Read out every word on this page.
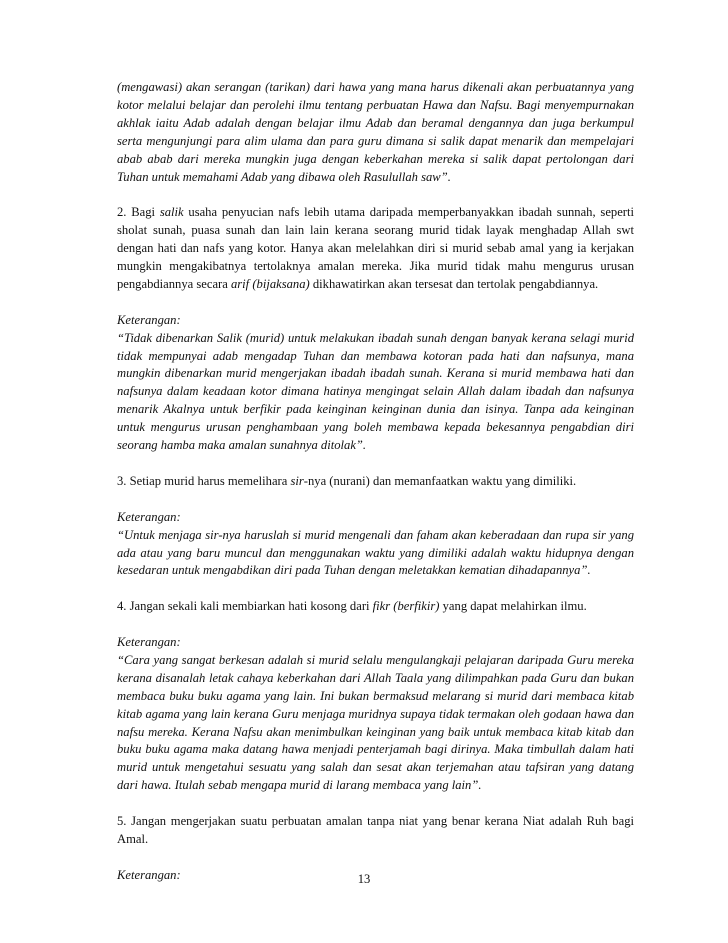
(mengawasi) akan serangan (tarikan) dari hawa yang mana harus dikenali akan perbuatannya yang kotor melalui belajar dan perolehi ilmu tentang perbuatan Hawa dan Nafsu. Bagi menyempurnakan akhlak iaitu Adab adalah dengan belajar ilmu Adab dan beramal dengannya dan juga berkumpul serta mengunjungi para alim ulama dan para guru dimana si salik dapat menarik dan mempelajari abab abab dari mereka mungkin juga dengan keberkahan mereka si salik dapat pertolongan dari Tuhan untuk memahami Adab yang dibawa oleh Rasulullah saw”.

2. Bagi salik usaha penyucian nafs lebih utama daripada memperbanyakkan ibadah sunnah, seperti sholat sunah, puasa sunah dan lain lain kerana seorang murid tidak layak menghadap Allah swt dengan hati dan nafs yang kotor. Hanya akan melelahkan diri si murid sebab amal yang ia kerjakan mungkin mengakibatnya tertolaknya amalan mereka. Jika murid tidak mahu mengurus urusan pengabdiannya secara arif (bijaksana) dikhawatirkan akan tersesat dan tertolak pengabdiannya.

Keterangan:

“Tidak dibenarkan Salik (murid) untuk melakukan ibadah sunah dengan banyak kerana selagi murid tidak mempunyai adab mengadap Tuhan dan membawa kotoran pada hati dan nafsunya, mana mungkin dibenarkan murid mengerjakan ibadah ibadah sunah. Kerana si murid membawa hati dan nafsunya dalam keadaan kotor dimana hatinya mengingat selain Allah dalam ibadah dan nafsunya menarik Akalnya untuk berfikir pada keinginan keinginan dunia dan isinya. Tanpa ada keinginan untuk mengurus urusan penghambaan yang boleh membawa kepada bekesannya pengabdian diri seorang hamba maka amalan sunahnya ditolak”.

3. Setiap murid harus memelihara sir-nya (nurani) dan memanfaatkan waktu yang dimiliki.

Keterangan:

“Untuk menjaga sir-nya haruslah si murid mengenali dan faham akan keberadaan dan rupa sir yang ada atau yang baru muncul dan menggunakan waktu yang dimiliki adalah waktu hidupnya dengan kesedaran untuk mengabdikan diri pada Tuhan dengan meletakkan kematian dihadapannya”.

4. Jangan sekali kali membiarkan hati kosong dari fikr (berfikir) yang dapat melahirkan ilmu.

Keterangan:

“Cara yang sangat berkesan adalah si murid selalu mengulangkaji pelajaran daripada Guru mereka kerana disanalah letak cahaya keberkahan dari Allah Taala yang dilimpahkan pada Guru dan bukan membaca buku buku agama yang lain. Ini bukan bermaksud melarang si murid dari membaca kitab kitab agama yang lain kerana Guru menjaga muridnya supaya tidak termakan oleh godaan hawa dan nafsu mereka. Kerana Nafsu akan menimbulkan keinginan yang baik untuk membaca kitab kitab dan buku buku agama maka datang hawa menjadi penterjamah bagi dirinya. Maka timbullah dalam hati murid untuk mengetahui sesuatu yang salah dan sesat akan terjemahan atau tafsiran yang datang dari hawa. Itulah sebab mengapa murid di larang membaca yang lain”.

5. Jangan mengerjakan suatu perbuatan amalan tanpa niat yang benar kerana Niat adalah Ruh bagi Amal.

Keterangan:	13
